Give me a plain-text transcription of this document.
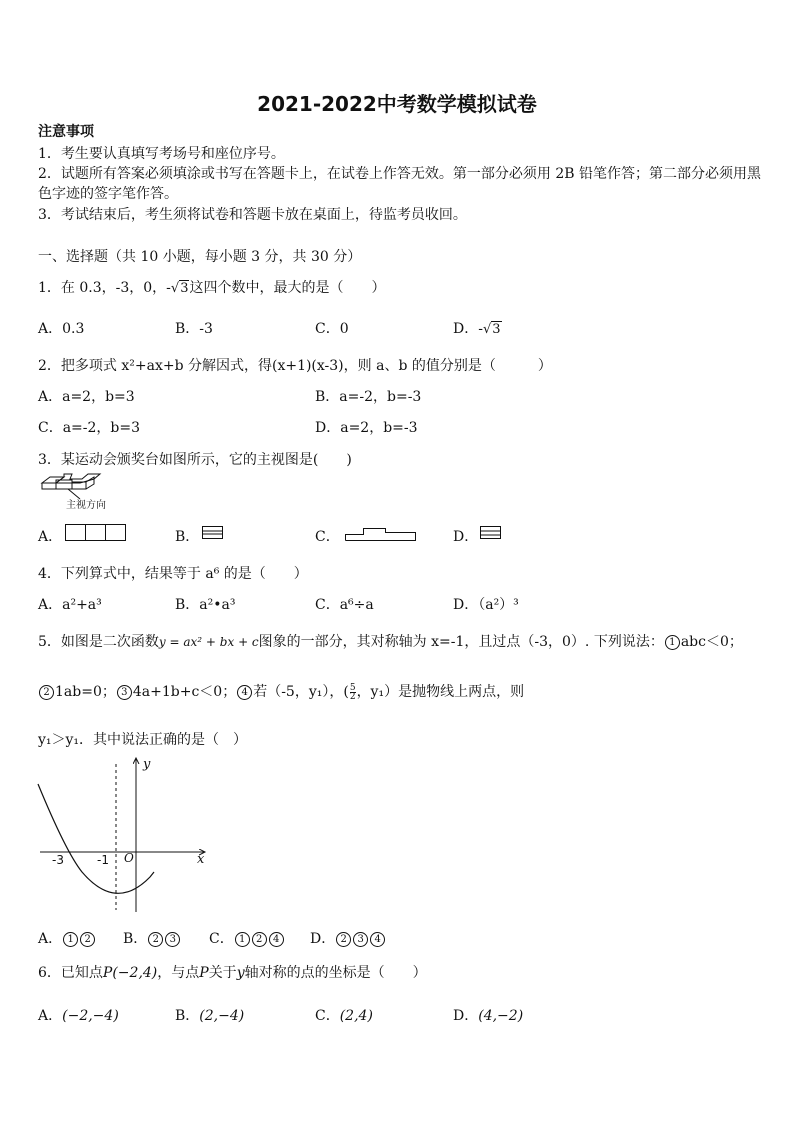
2021-2022中考数学模拟试卷
注意事项
1．考生要认真填写考场号和座位序号。
2．试题所有答案必须填涂或书写在答题卡上，在试卷上作答无效。第一部分必须用 2B 铅笔作答；第二部分必须用黑
色字迹的签字笔作答。
3．考试结束后，考生须将试卷和答题卡放在桌面上，待监考员收回。
一、选择题（共 10 小题，每小题 3 分，共 30 分）
1．在 0.3，-3，0，-√3这四个数中，最大的是（　　）
A．0.3	B．-3	C．0	D．-√3
2．把多项式 x²+ax+b 分解因式，得(x+1)(x-3)，则 a、b 的值分别是（　　　）
A．a=2，b=3	B．a=-2，b=-3
C．a=-2，b=3	D．a=2，b=-3
3．某运动会颁奖台如图所示，它的主视图是(　　)
主视方向
A．	B．	C．	D．
4．下列算式中，结果等于 a⁶ 的是（　　）
A．a²+a³	B．a²•a³	C．a⁶÷a	D．（a²）³
5．如图是二次函数y = ax² + bx + c图象的一部分，其对称轴为 x=-1，且过点（-3，0）. 下列说法： 1 abc＜0；
2 1ab=0； 3 4a+1b+c＜0； 4 若（-5，y₁），( $\frac{5}{2}$ ，y₁）是抛物线上两点，则
y₁＞y₁．其中说法正确的是（　）
y
x
O
-3	-1
A． 1 2	B． 2 3	C． 1 2 4	D． 2 3 4
6．已知点P(−2,4)，与点P关于y轴对称的点的坐标是（　　）
A．(−2,−4)	B．(2,−4)	C．(2,4)	D．(4,−2)
